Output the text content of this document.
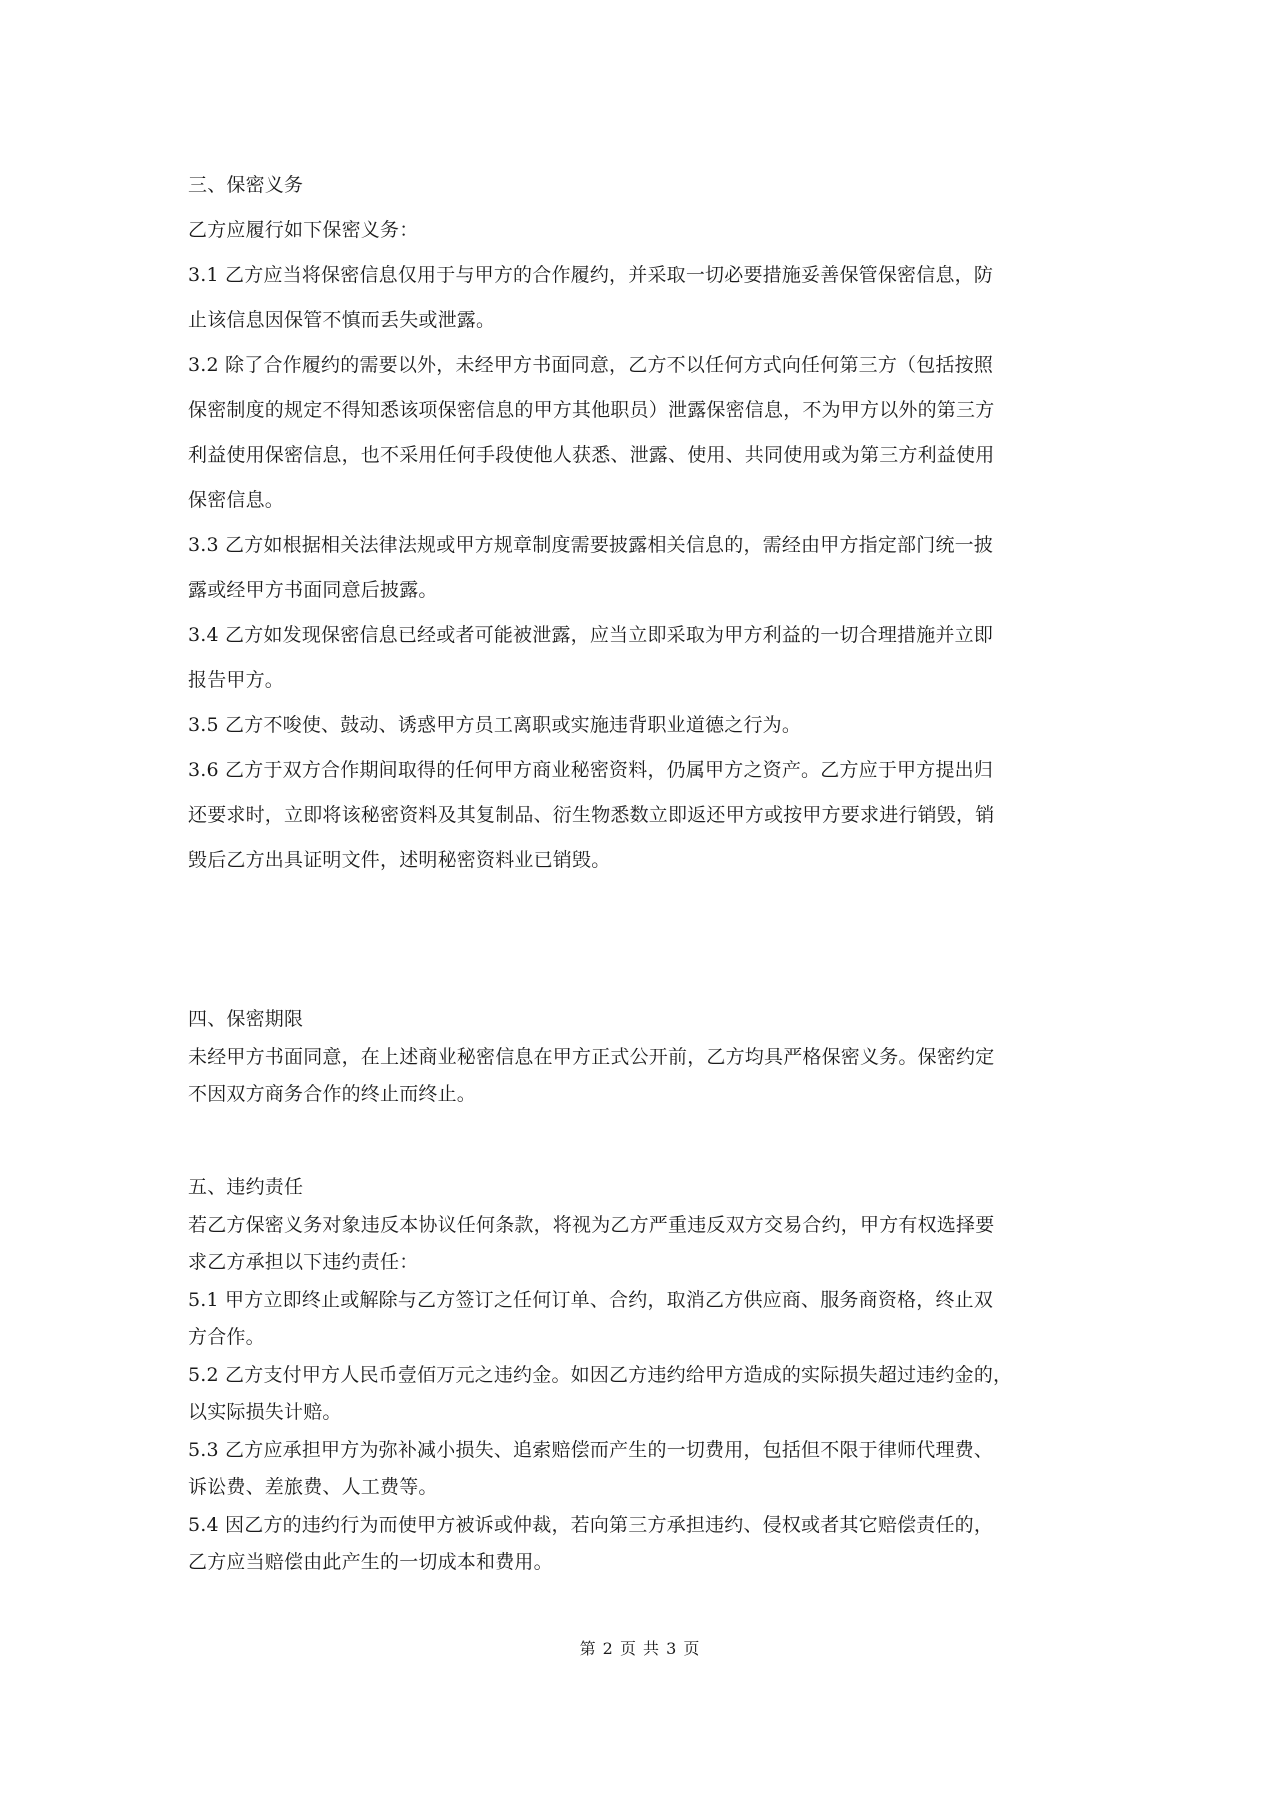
三、保密义务
乙方应履行如下保密义务：
3.1 乙方应当将保密信息仅用于与甲方的合作履约，并采取一切必要措施妥善保管保密信息，防
止该信息因保管不慎而丢失或泄露。
3.2 除了合作履约的需要以外，未经甲方书面同意，乙方不以任何方式向任何第三方（包括按照
保密制度的规定不得知悉该项保密信息的甲方其他职员）泄露保密信息，不为甲方以外的第三方
利益使用保密信息，也不采用任何手段使他人获悉、泄露、使用、共同使用或为第三方利益使用
保密信息。
3.3 乙方如根据相关法律法规或甲方规章制度需要披露相关信息的，需经由甲方指定部门统一披
露或经甲方书面同意后披露。
3.4 乙方如发现保密信息已经或者可能被泄露，应当立即采取为甲方利益的一切合理措施并立即
报告甲方。
3.5 乙方不唆使、鼓动、诱惑甲方员工离职或实施违背职业道德之行为。
3.6 乙方于双方合作期间取得的任何甲方商业秘密资料，仍属甲方之资产。乙方应于甲方提出归
还要求时，立即将该秘密资料及其复制品、衍生物悉数立即返还甲方或按甲方要求进行销毁，销
毁后乙方出具证明文件，述明秘密资料业已销毁。
四、保密期限
未经甲方书面同意，在上述商业秘密信息在甲方正式公开前，乙方均具严格保密义务。保密约定
不因双方商务合作的终止而终止。
五、违约责任
若乙方保密义务对象违反本协议任何条款，将视为乙方严重违反双方交易合约，甲方有权选择要
求乙方承担以下违约责任：
5.1 甲方立即终止或解除与乙方签订之任何订单、合约，取消乙方供应商、服务商资格，终止双
方合作。
5.2 乙方支付甲方人民币壹佰万元之违约金。如因乙方违约给甲方造成的实际损失超过违约金的，
以实际损失计赔。
5.3 乙方应承担甲方为弥补减小损失、追索赔偿而产生的一切费用，包括但不限于律师代理费、
诉讼费、差旅费、人工费等。
5.4 因乙方的违约行为而使甲方被诉或仲裁，若向第三方承担违约、侵权或者其它赔偿责任的，
乙方应当赔偿由此产生的一切成本和费用。
第 2 页 共 3 页
